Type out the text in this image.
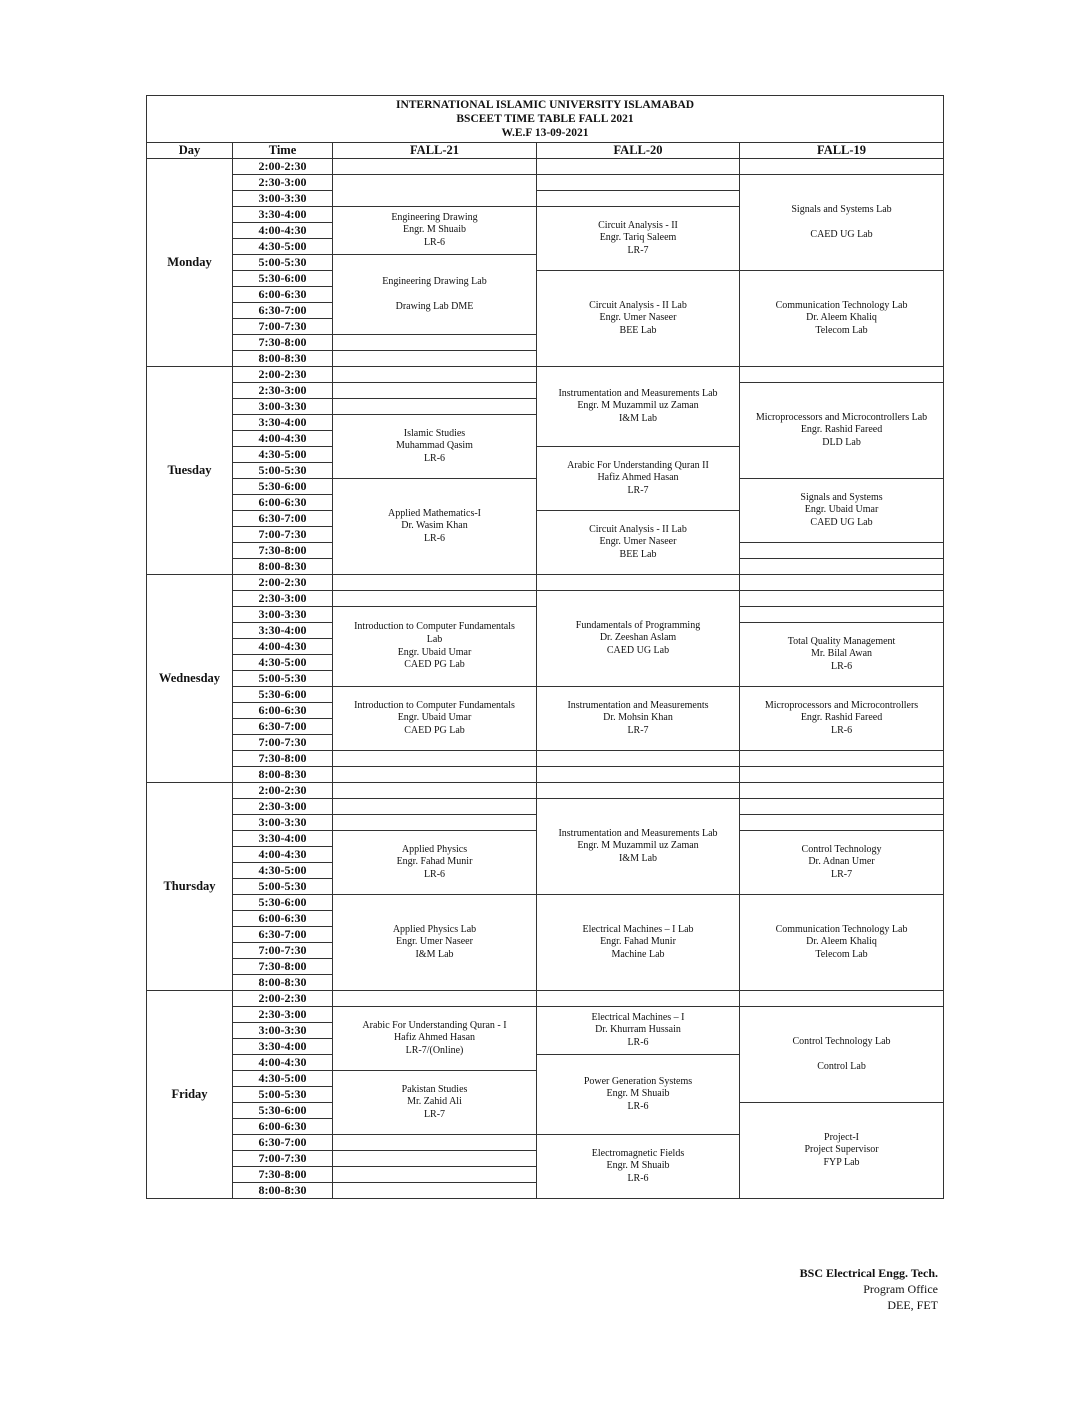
INTERNATIONAL ISLAMIC UNIVERSITY ISLAMABAD
BSCEET TIME TABLE FALL 2021
W.E.F 13-09-2021				

Day	Time	FALL-21	FALL-20	FALL-19
Monday	2:00-2:30			
	2:30-3:00			Signals and Systems Lab
CAED UG Lab

	3:00-3:30			
	3:30-4:00	Engineering Drawing
Engr. M Shuaib
LR-6	Circuit Analysis - II
Engr. Tariq Saleem
LR-7	

	4:00-4:30			
	4:30-5:00			
	5:00-5:30	Engineering Drawing Lab
Drawing Lab DME		

	5:30-6:00		Circuit Analysis - II Lab
Engr. Umer Naseer
BEE Lab	Communication Technology Lab
Dr. Aleem Khaliq
Telecom Lab

	6:00-6:30			
	6:30-7:00			
	7:00-7:30			
	7:30-8:00			
	8:00-8:30			
Tuesday	2:00-2:30		Instrumentation and Measurements Lab
Engr. M Muzammil uz Zaman
I&M Lab	

	2:30-3:00			Microprocessors and Microcontrollers Lab
Engr. Rashid Fareed
DLD Lab

	3:00-3:30			
	3:30-4:00	Islamic Studies
Muhammad Qasim
LR-6		

	4:00-4:30			
	4:30-5:00		Arabic For Understanding Quran II
Hafiz Ahmed Hasan
LR-7	

	5:00-5:30			
	5:30-6:00	Applied Mathematics-I
Dr. Wasim Khan
LR-6		Signals and Systems
Engr. Ubaid Umar
CAED UG Lab

	6:00-6:30			
	6:30-7:00		Circuit Analysis - II Lab
Engr. Umer Naseer
BEE Lab	

	7:00-7:30			
	7:30-8:00			
	8:00-8:30			
Wednesday	2:00-2:30			
	2:30-3:00		Fundamentals of Programming
Dr. Zeeshan Aslam
CAED UG Lab	

	3:00-3:30	Introduction to Computer Fundamentals Lab
Engr. Ubaid Umar
CAED PG Lab		

	3:30-4:00			Total Quality Management
Mr. Bilal Awan
LR-6

	4:00-4:30			
	4:30-5:00			
	5:00-5:30			
	5:30-6:00	Introduction to Computer Fundamentals
Engr. Ubaid Umar
CAED PG Lab	Instrumentation and Measurements
Dr. Mohsin Khan
LR-7	Microprocessors and Microcontrollers
Engr. Rashid Fareed
LR-6

	6:00-6:30			
	6:30-7:00			
	7:00-7:30			
	7:30-8:00			
	8:00-8:30			
Thursday	2:00-2:30			
	2:30-3:00		Instrumentation and Measurements Lab
Engr. M Muzammil uz Zaman
I&M Lab	

	3:00-3:30			
	3:30-4:00	Applied Physics
Engr. Fahad Munir
LR-6		Control Technology
Dr. Adnan Umer
LR-7

	4:00-4:30			
	4:30-5:00			
	5:00-5:30			
	5:30-6:00	Applied Physics Lab
Engr. Umer Naseer
I&M Lab	Electrical Machines – I Lab
Engr. Fahad Munir
Machine Lab	Communication Technology Lab
Dr. Aleem Khaliq
Telecom Lab

	6:00-6:30			
	6:30-7:00			
	7:00-7:30			
	7:30-8:00			
	8:00-8:30			
Friday	2:00-2:30			
	2:30-3:00	Arabic For Understanding Quran - I
Hafiz Ahmed Hasan
LR-7/(Online)	Electrical Machines – I
Dr. Khurram Hussain
LR-6	Control Technology Lab
Control Lab

	3:00-3:30			
	3:30-4:00			
	4:00-4:30		Power Generation Systems
Engr. M Shuaib
LR-6	

	4:30-5:00	Pakistan Studies
Mr. Zahid Ali
LR-7		

	5:00-5:30			
	5:30-6:00			Project-I
Project Supervisor
FYP Lab

	6:00-6:30			
	6:30-7:00		Electromagnetic Fields
Engr. M Shuaib
LR-6	

	7:00-7:30			
	7:30-8:00			
	8:00-8:30			
BSC Electrical Engg. Tech.
Program Office
DEE, FET
